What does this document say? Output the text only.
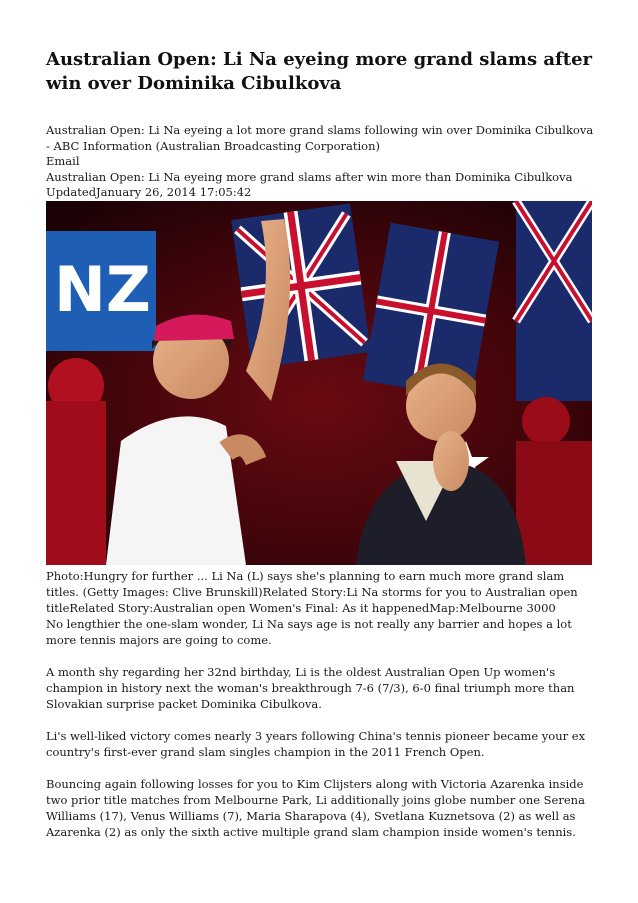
Australian Open: Li Na eyeing more grand slams after win over Dominika Cibulkova
Australian Open: Li Na eyeing a lot more grand slams following win over Dominika Cibulkova - ABC Information (Australian Broadcasting Corporation)
Email
Australian Open: Li Na eyeing more grand slams after win more than Dominika Cibulkova
UpdatedJanuary 26, 2014 17:05:42
NZ
Photo:Hungry for further ... Li Na (L) says she's planning to earn much more grand slam titles. (Getty Images: Clive Brunskill)Related Story:Li Na storms for you to Australian open titleRelated Story:Australian open Women's Final: As it happenedMap:Melbourne 3000

No lengthier the one-slam wonder, Li Na says age is not really any barrier and hopes a lot more tennis majors are going to come.

A month shy regarding her 32nd birthday, Li is the oldest Australian Open Up women's champion in history next the woman's breakthrough 7-6 (7/3), 6-0 final triumph more than Slovakian surprise packet Dominika Cibulkova.

Li's well-liked victory comes nearly 3 years following China's tennis pioneer became your ex country's first-ever grand slam singles champion in the 2011 French Open.

Bouncing again following losses for you to Kim Clijsters along with Victoria Azarenka inside two prior title matches from Melbourne Park, Li additionally joins globe number one Serena Williams (17), Venus Williams (7), Maria Sharapova (4), Svetlana Kuznetsova (2) as well as Azarenka (2) as only the sixth active multiple grand slam champion inside women's tennis.
